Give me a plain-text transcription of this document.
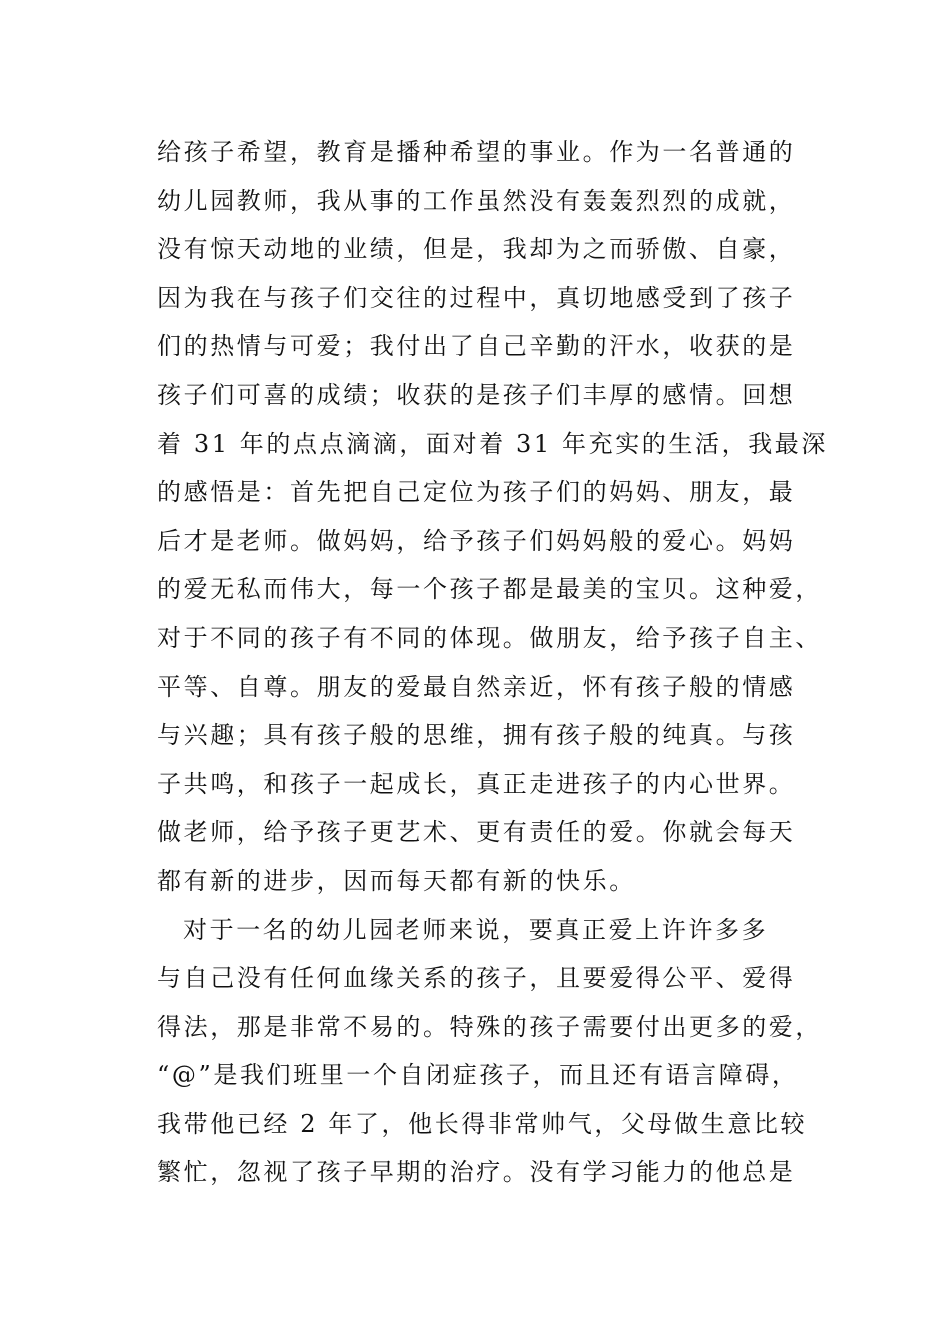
给孩子希望，教育是播种希望的事业。作为一名普通的
幼儿园教师，我从事的工作虽然没有轰轰烈烈的成就，
没有惊天动地的业绩，但是，我却为之而骄傲、自豪，
因为我在与孩子们交往的过程中，真切地感受到了孩子
们的热情与可爱；我付出了自己辛勤的汗水，收获的是
孩子们可喜的成绩；收获的是孩子们丰厚的感情。回想
着 31 年的点点滴滴，面对着 31 年充实的生活，我最深
的感悟是：首先把自己定位为孩子们的妈妈、朋友，最
后才是老师。做妈妈，给予孩子们妈妈般的爱心。妈妈
的爱无私而伟大，每一个孩子都是最美的宝贝。这种爱，
对于不同的孩子有不同的体现。做朋友，给予孩子自主、
平等、自尊。朋友的爱最自然亲近，怀有孩子般的情感
与兴趣；具有孩子般的思维，拥有孩子般的纯真。与孩
子共鸣，和孩子一起成长，真正走进孩子的内心世界。
做老师，给予孩子更艺术、更有责任的爱。你就会每天
都有新的进步，因而每天都有新的快乐。
对于一名的幼儿园老师来说，要真正爱上许许多多
与自己没有任何血缘关系的孩子，且要爱得公平、爱得
得法，那是非常不易的。特殊的孩子需要付出更多的爱，
“@”是我们班里一个自闭症孩子，而且还有语言障碍，
我带他已经 2 年了，他长得非常帅气，父母做生意比较
繁忙，忽视了孩子早期的治疗。没有学习能力的他总是
